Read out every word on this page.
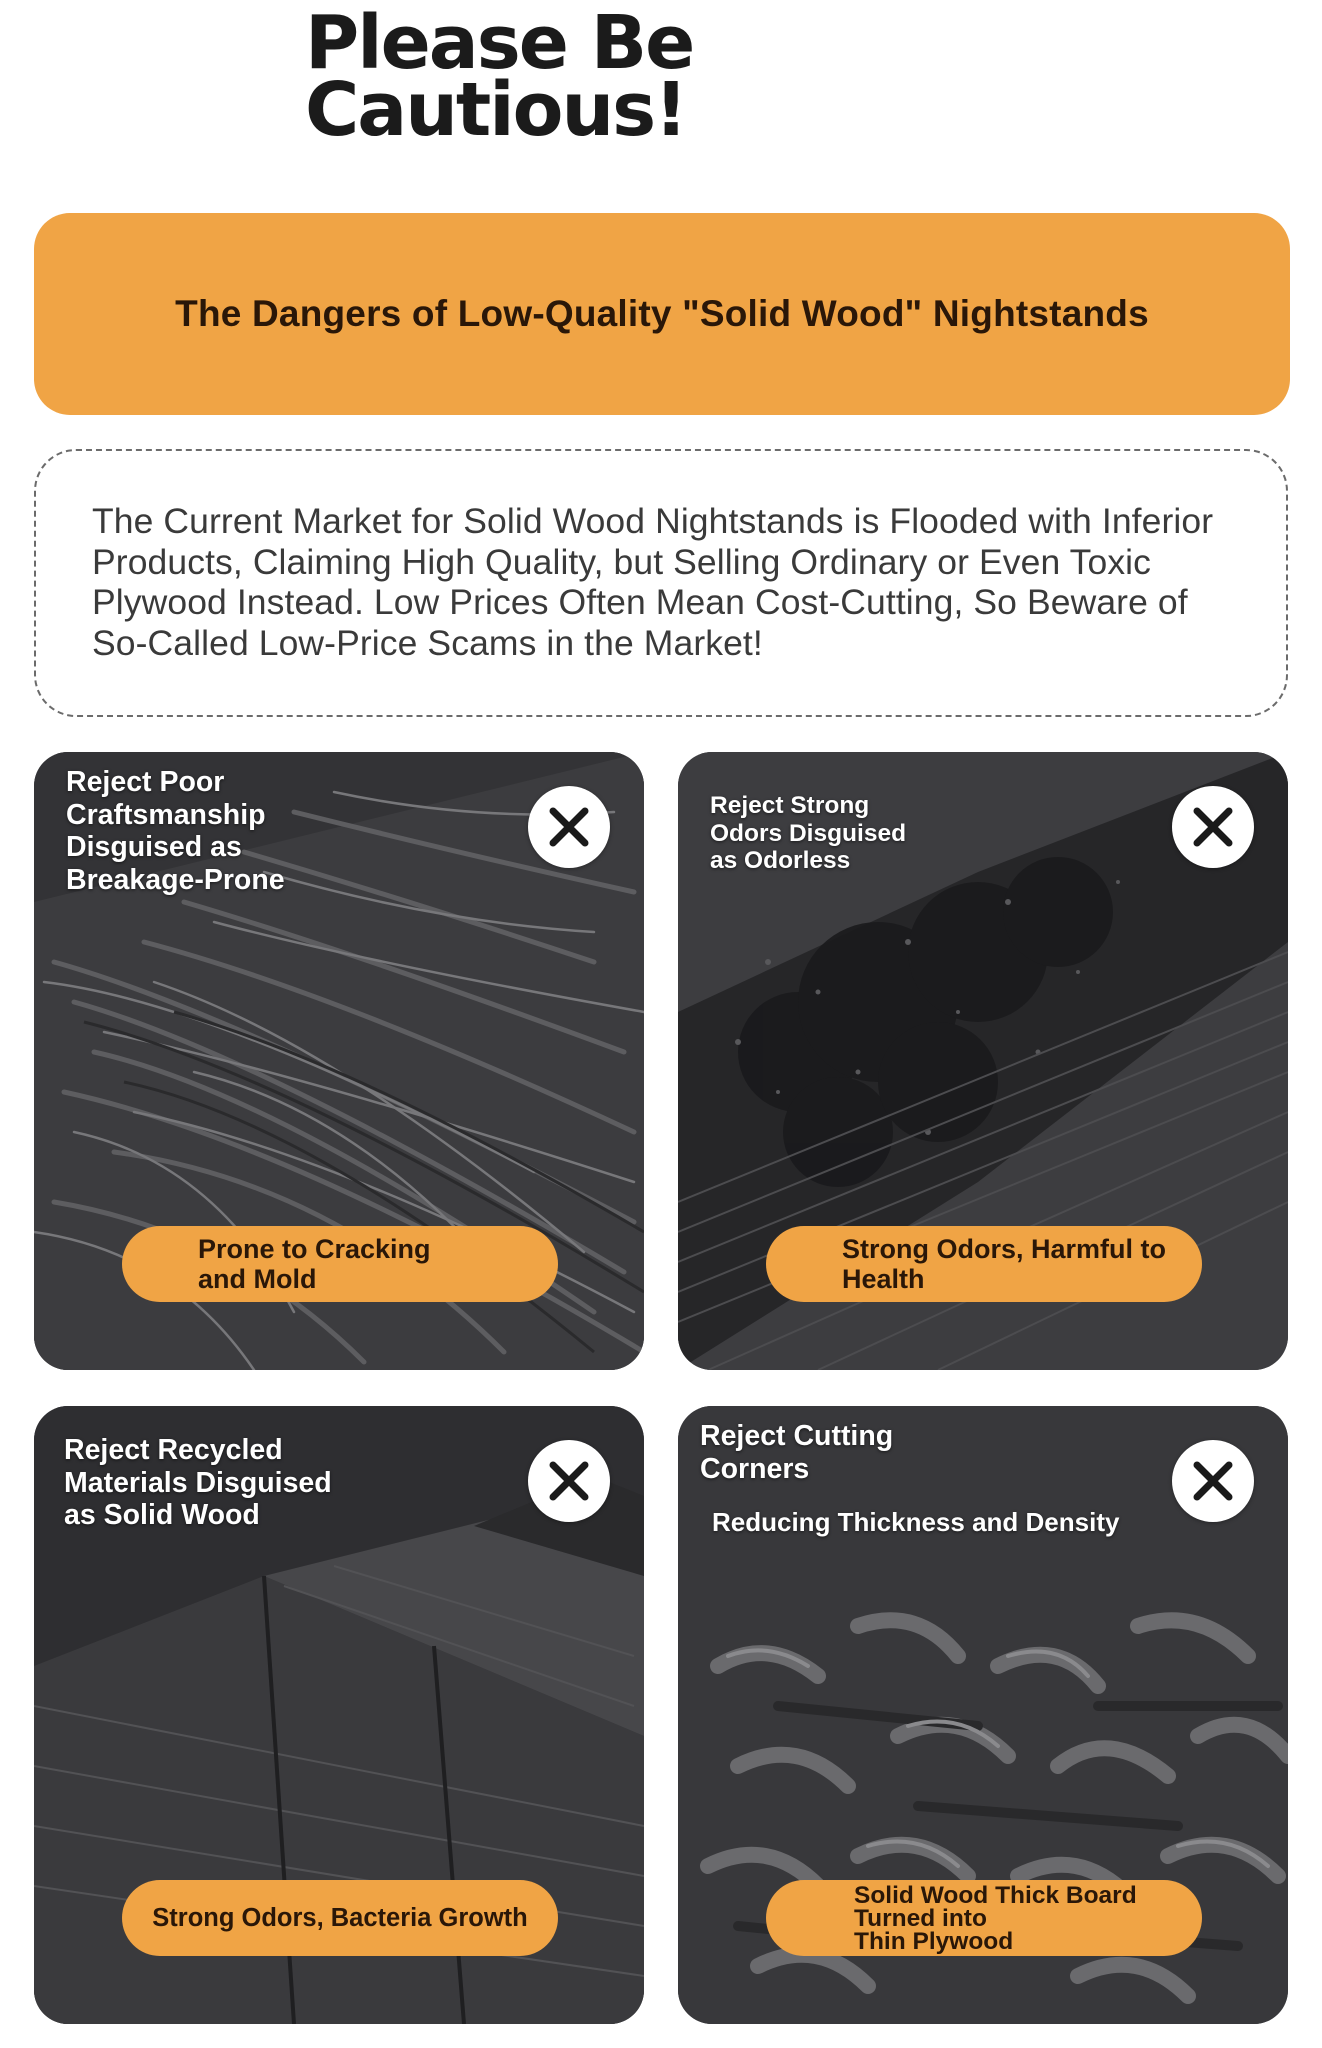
Please Be
Cautious!
The Dangers of Low-Quality "Solid Wood" Nightstands

The Current Market for Solid Wood Nightstands is Flooded with Inferior Products, Claiming High Quality, but Selling Ordinary or Even Toxic Plywood Instead. Low Prices Often Mean Cost-Cutting, So Beware of So-Called Low-Price Scams in the Market!

Reject Poor
Craftsmanship
Disguised as
Breakage-Prone
Prone to Cracking
and Mold
Reject Strong
Odors Disguised
as Odorless
Strong Odors, Harmful to
Health
Reject Recycled
Materials Disguised
as Solid Wood
Strong Odors, Bacteria Growth
Reject Cutting
Corners
Reducing Thickness and Density
Solid Wood Thick Board Turned into
Thin Plywood
